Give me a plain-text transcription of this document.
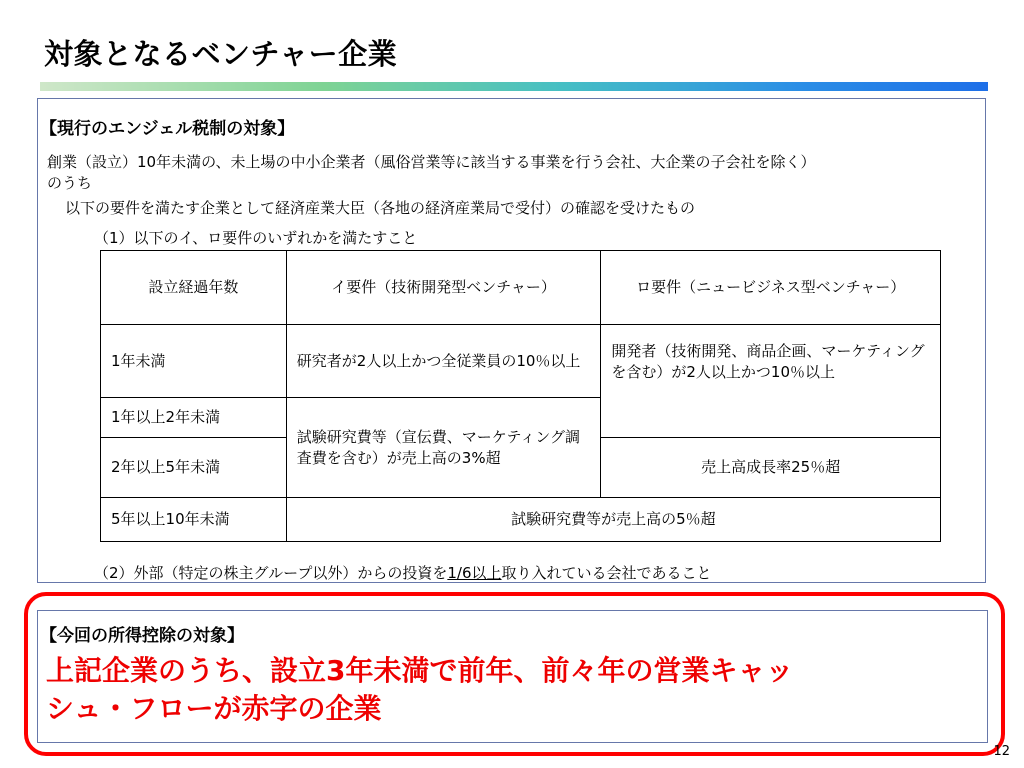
対象となるベンチャー企業
【現行のエンジェル税制の対象】
創業（設立）10年未満の、未上場の中小企業者（風俗営業等に該当する事業を行う会社、大企業の子会社を除く）
のうち
以下の要件を満たす企業として経済産業大臣（各地の経済産業局で受付）の確認を受けたもの
（1）以下のイ、ロ要件のいずれかを満たすこと
設立経過年数	イ要件（技術開発型ベンチャー）	ロ要件（ニュービジネス型ベンチャー）
1年未満	研究者が2人以上かつ全従業員の10％以上	開発者（技術開発、商品企画、マーケティングを含む）が2人以上かつ10％以上
1年以上2年未満	試験研究費等（宣伝費、マーケティング調査費を含む）が売上高の3%超	
2年以上5年未満		売上高成長率25％超
5年以上10年未満	試験研究費等が売上高の5％超	
（2）外部（特定の株主グループ以外）からの投資を1/6以上取り入れている会社であること
【今回の所得控除の対象】
上記企業のうち、設立3年未満で前年、前々年の営業キャッ
シュ・フローが赤字の企業
12
